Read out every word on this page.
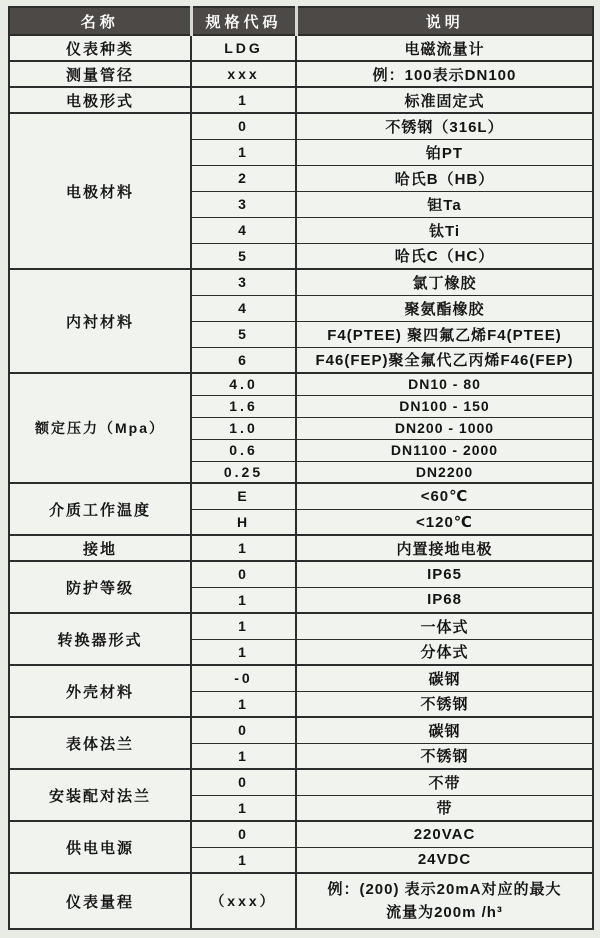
名称	规格代码	说明
仪表种类	LDG	电磁流量计
测量管径	xxx	例：100表示DN100
电极形式	1	标准固定式
电极材料	0	不锈钢（316L）
	1	铂PT
	2	哈氏B（HB）
	3	钽Ta
	4	钛Ti
	5	哈氏C（HC）
内衬材料	3	氯丁橡胶
	4	聚氨酯橡胶
	5	F4(PTEE) 聚四氟乙烯F4(PTEE)
	6	F46(FEP)聚全氟代乙丙烯F46(FEP)
额定压力（Mpa）	4.0	DN10 - 80
	1.6	DN100 - 150
	1.0	DN200 - 1000
	0.6	DN1100 - 2000
	0.25	DN2200
介质工作温度	E	<60℃
	H	<120℃
接地	1	内置接地电极
防护等级	0	IP65
	1	IP68
转换器形式	1	一体式
	1	分体式
外壳材料	-0	碳钢
	1	不锈钢
表体法兰	0	碳钢
	1	不锈钢
安装配对法兰	0	不带
	1	带
供电电源	0	220VAC
	1	24VDC
仪表量程	（xxx）	例：(200) 表示20mA对应的最大
流量为200m /h³
